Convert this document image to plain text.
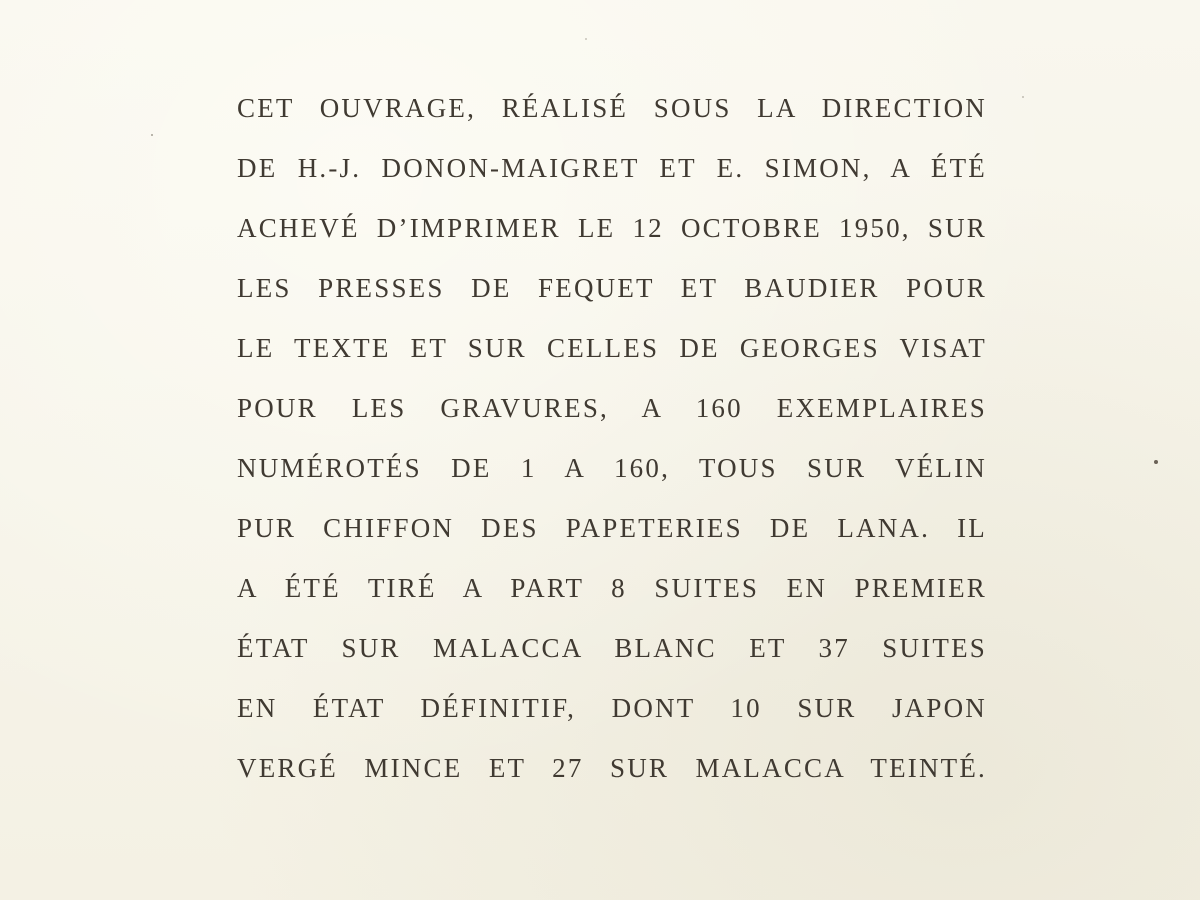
CET OUVRAGE, RÉALISÉ SOUS LA DIRECTION
DE H.-J. DONON-MAIGRET ET E. SIMON, A ÉTÉ
ACHEVÉ D’IMPRIMER LE 12 OCTOBRE 1950, SUR
LES PRESSES DE FEQUET ET BAUDIER POUR
LE TEXTE ET SUR CELLES DE GEORGES VISAT
POUR LES GRAVURES, A 160 EXEMPLAIRES
NUMÉROTÉS DE 1 A 160, TOUS SUR VÉLIN
PUR CHIFFON DES PAPETERIES DE LANA. IL
A ÉTÉ TIRÉ A PART 8 SUITES EN PREMIER
ÉTAT SUR MALACCA BLANC ET 37 SUITES
EN ÉTAT DÉFINITIF, DONT 10 SUR JAPON
VERGÉ MINCE ET 27 SUR MALACCA TEINTÉ.
